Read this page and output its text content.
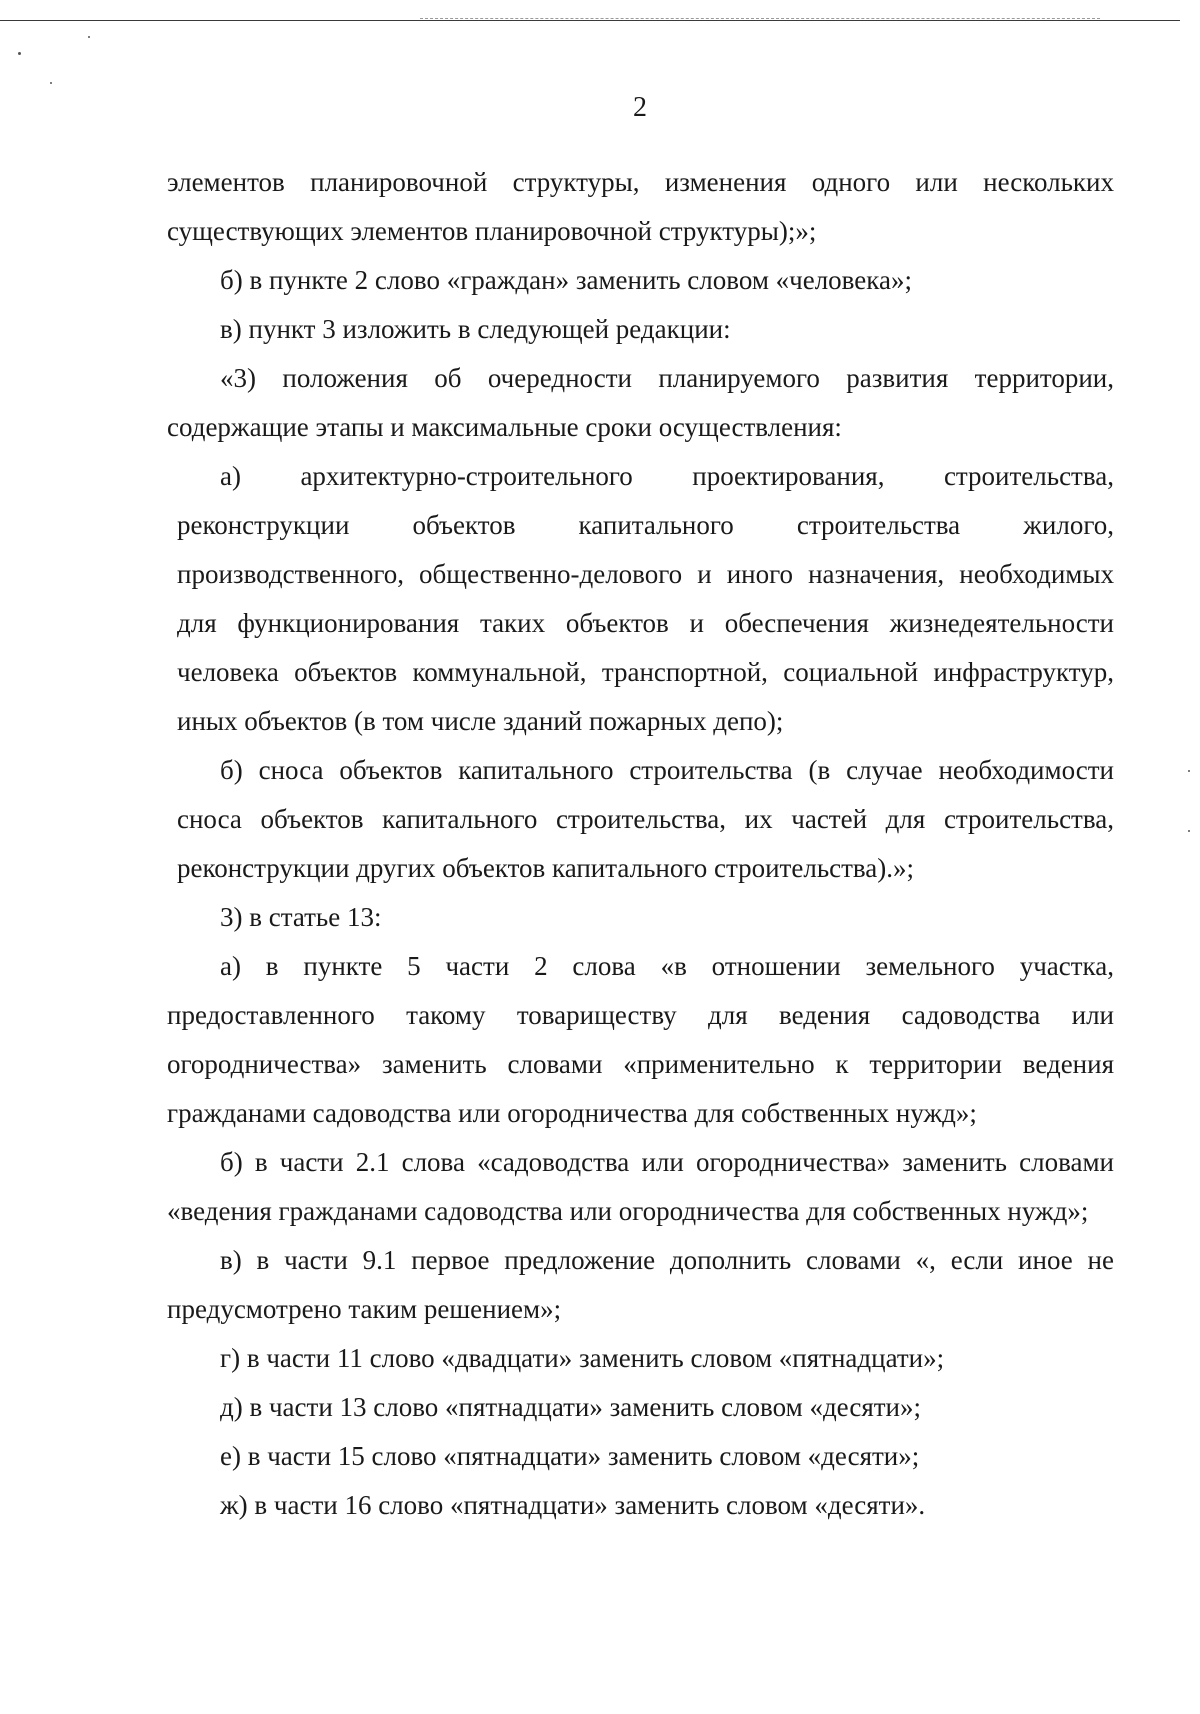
2

элементов планировочной структуры, изменения одного или нескольких существующих элементов планировочной структуры);»;

б) в пункте 2 слово «граждан» заменить словом «человека»;

в) пункт 3 изложить в следующей редакции:

«3) положения об очередности планируемого развития территории, содержащие этапы и максимальные сроки осуществления:

а) архитектурно-строительного проектирования, строительства, реконструкции объектов капитального строительства жилого, производственного, общественно-делового и иного назначения, необходимых для функционирования таких объектов и обеспечения жизнедеятельности человека объектов коммунальной, транспортной, социальной инфраструктур, иных объектов (в том числе зданий пожарных депо);

б) сноса объектов капитального строительства (в случае необходимости сноса объектов капитального строительства, их частей для строительства, реконструкции других объектов капитального строительства).»;

3) в статье 13:

а) в пункте 5 части 2 слова «в отношении земельного участка, предоставленного такому товариществу для ведения садоводства или огородничества» заменить словами «применительно к территории ведения гражданами садоводства или огородничества для собственных нужд»;

б) в части 2.1 слова «садоводства или огородничества» заменить словами «ведения гражданами садоводства или огородничества для собственных нужд»;

в) в части 9.1 первое предложение дополнить словами «, если иное не предусмотрено таким решением»;

г) в части 11 слово «двадцати» заменить словом «пятнадцати»;

д) в части 13 слово «пятнадцати» заменить словом «десяти»;

е) в части 15 слово «пятнадцати» заменить словом «десяти»;

ж) в части 16 слово «пятнадцати» заменить словом «десяти».
